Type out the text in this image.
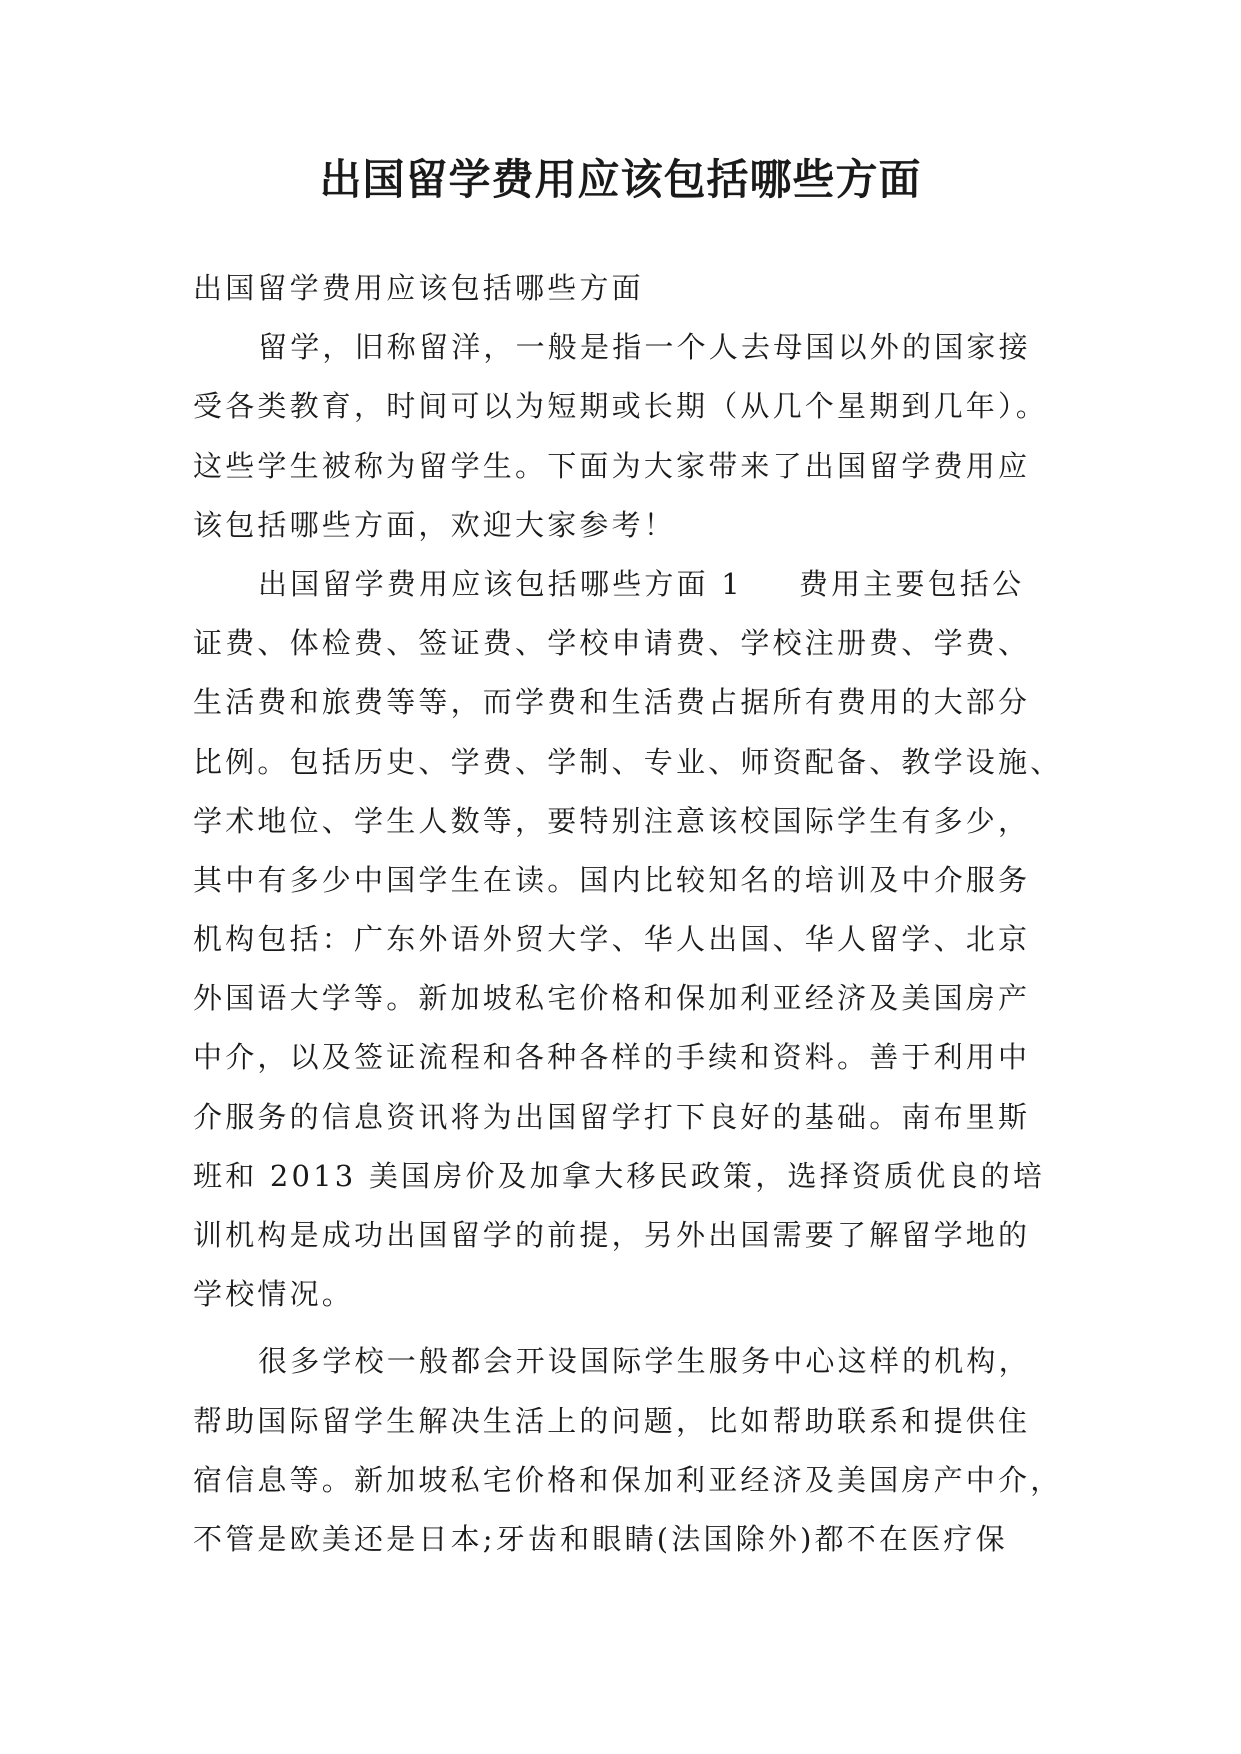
出国留学费用应该包括哪些方面
出国留学费用应该包括哪些方面
留学，旧称留洋，一般是指一个人去母国以外的国家接
受各类教育，时间可以为短期或长期（从几个星期到几年）。
这些学生被称为留学生。下面为大家带来了出国留学费用应
该包括哪些方面，欢迎大家参考！
出国留学费用应该包括哪些方面 1 费用主要包括公
证费、体检费、签证费、学校申请费、学校注册费、学费、
生活费和旅费等等，而学费和生活费占据所有费用的大部分
比例。包括历史、学费、学制、专业、师资配备、教学设施、
学术地位、学生人数等，要特别注意该校国际学生有多少，
其中有多少中国学生在读。国内比较知名的培训及中介服务
机构包括：广东外语外贸大学、华人出国、华人留学、北京
外国语大学等。新加坡私宅价格和保加利亚经济及美国房产
中介，以及签证流程和各种各样的手续和资料。善于利用中
介服务的信息资讯将为出国留学打下良好的基础。南布里斯
班和 2013 美国房价及加拿大移民政策，选择资质优良的培
训机构是成功出国留学的前提，另外出国需要了解留学地的
学校情况。
很多学校一般都会开设国际学生服务中心这样的机构，
帮助国际留学生解决生活上的问题，比如帮助联系和提供住
宿信息等。新加坡私宅价格和保加利亚经济及美国房产中介，
不管是欧美还是日本;牙齿和眼睛(法国除外)都不在医疗保
